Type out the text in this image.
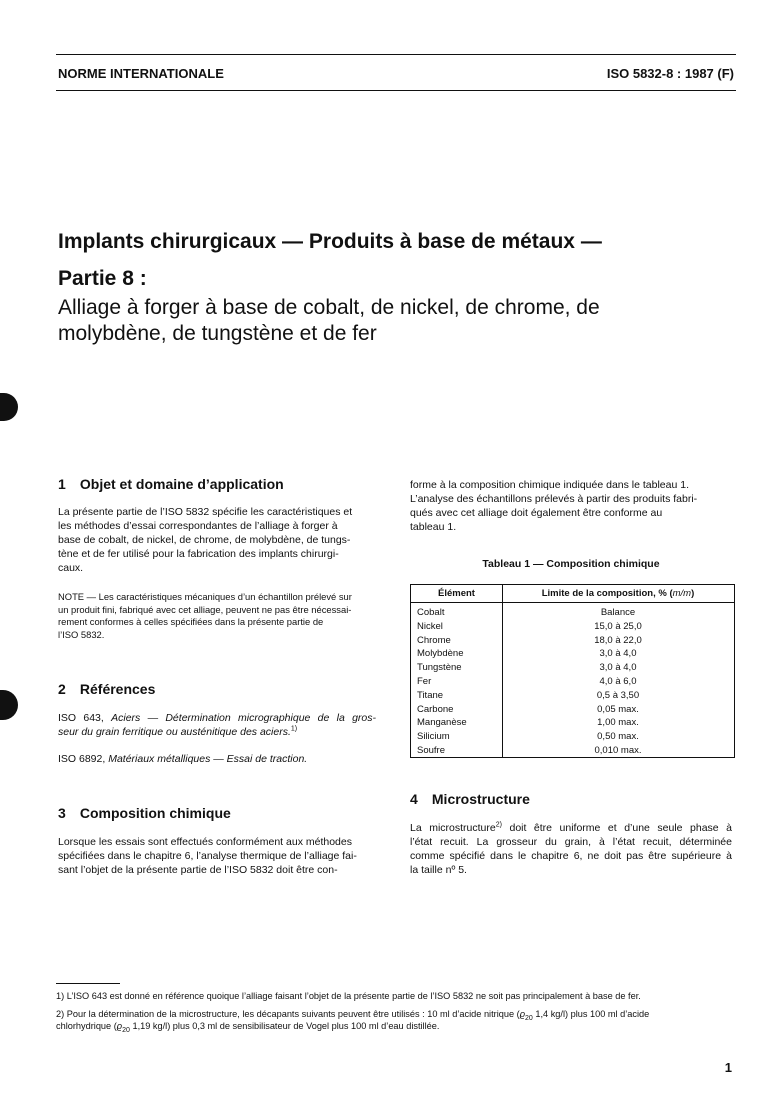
NORME INTERNATIONALE	ISO 5832-8 : 1987 (F)
Implants chirurgicaux — Produits à base de métaux —
Partie 8 :
Alliage à forger à base de cobalt, de nickel, de chrome, de
molybdène, de tungstène et de fer
1 Objet et domaine d’application
La présente partie de l’ISO 5832 spécifie les caractéristiques et
les méthodes d’essai correspondantes de l’alliage à forger à
base de cobalt, de nickel, de chrome, de molybdène, de tungs-
tène et de fer utilisé pour la fabrication des implants chirurgi-
caux.
NOTE — Les caractéristiques mécaniques d’un échantillon prélevé sur
un produit fini, fabriqué avec cet alliage, peuvent ne pas être nécessai-
rement conformes à celles spécifiées dans la présente partie de
l’ISO 5832.
2 Références
ISO 643, Aciers — Détermination micrographique de la gros-
seur du grain ferritique ou austénitique des aciers.$^{1)}$
ISO 6892, Matériaux métalliques — Essai de traction.
3 Composition chimique
Lorsque les essais sont effectués conformément aux méthodes
spécifiées dans le chapitre 6, l’analyse thermique de l’alliage fai-
sant l’objet de la présente partie de l’ISO 5832 doit être con-
forme à la composition chimique indiquée dans le tableau 1.
L’analyse des échantillons prélevés à partir des produits fabri-
qués avec cet alliage doit également être conforme au
tableau 1.
Tableau 1 — Composition chimique
Élément	Limite de la composition, % (m/m)
Cobalt	Balance
Nickel	15,0 à 25,0
Chrome	18,0 à 22,0
Molybdène	3,0 à 4,0
Tungstène	3,0 à 4,0
Fer	4,0 à 6,0
Titane	0,5 à 3,50
Carbone	0,05 max.
Manganèse	1,00 max.
Silicium	0,50 max.
Soufre	0,010 max.
4 Microstructure
La microstructure$^{2)}$ doit être uniforme et d’une seule phase à
l’état recuit. La grosseur du grain, à l’état recuit, déterminée
comme spécifié dans le chapitre 6, ne doit pas être supérieure à
la taille nº 5.
1) L’ISO 643 est donné en référence quoique l’alliage faisant l’objet de la présente partie de l’ISO 5832 ne soit pas principalement à base de fer.
2) Pour la détermination de la microstructure, les décapants suivants peuvent être utilisés : 10 ml d’acide nitrique ($ϱ_{20}$ 1,4 kg/l) plus 100 ml d’acide
chlorhydrique ($ϱ_{20}$ 1,19 kg/l) plus 0,3 ml de sensibilisateur de Vogel plus 100 ml d’eau distillée.
1
